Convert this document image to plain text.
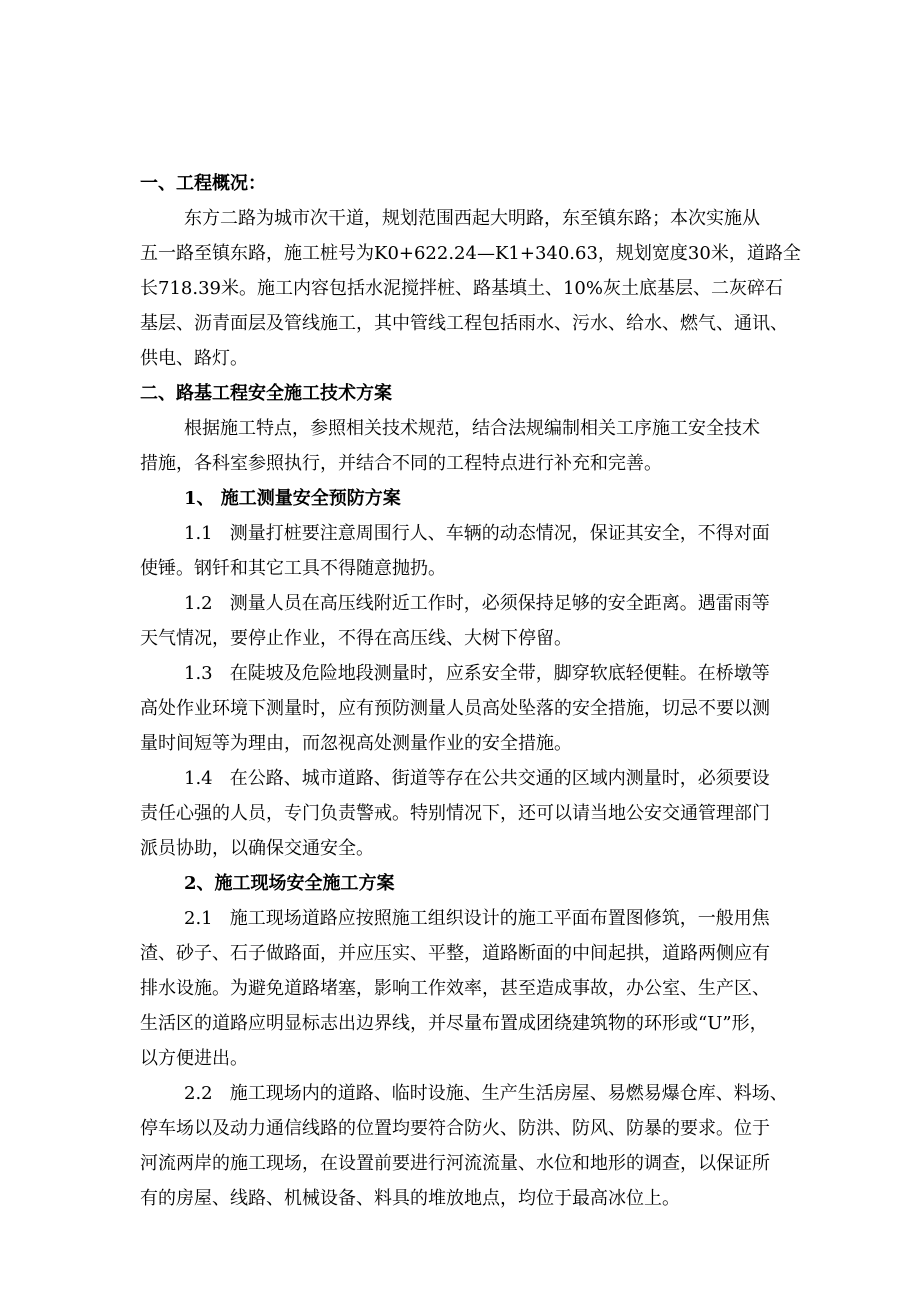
一、工程概况：
东方二路为城市次干道，规划范围西起大明路，东至镇东路；本次实施从
五一路至镇东路，施工桩号为K0+622.24—K1+340.63，规划宽度30米，道路全
长718.39米。施工内容包括水泥搅拌桩、路基填土、10%灰土底基层、二灰碎石
基层、沥青面层及管线施工，其中管线工程包括雨水、污水、给水、燃气、通讯、
供电、路灯。
二、路基工程安全施工技术方案
根据施工特点，参照相关技术规范，结合法规编制相关工序施工安全技术
措施，各科室参照执行，并结合不同的工程特点进行补充和完善。
1、 施工测量安全预防方案
1.1   测量打桩要注意周围行人、车辆的动态情况，保证其安全，不得对面
使锤。钢钎和其它工具不得随意抛扔。
1.2   测量人员在高压线附近工作时，必须保持足够的安全距离。遇雷雨等
天气情况，要停止作业，不得在高压线、大树下停留。
1.3   在陡坡及危险地段测量时，应系安全带，脚穿软底轻便鞋。在桥墩等
高处作业环境下测量时，应有预防测量人员高处坠落的安全措施，切忌不要以测
量时间短等为理由，而忽视高处测量作业的安全措施。
1.4   在公路、城市道路、街道等存在公共交通的区域内测量时，必须要设
责任心强的人员，专门负责警戒。特别情况下，还可以请当地公安交通管理部门
派员协助，以确保交通安全。
2、施工现场安全施工方案
2.1   施工现场道路应按照施工组织设计的施工平面布置图修筑，一般用焦
渣、砂子、石子做路面，并应压实、平整，道路断面的中间起拱，道路两侧应有
排水设施。为避免道路堵塞，影响工作效率，甚至造成事故，办公室、生产区、
生活区的道路应明显标志出边界线，并尽量布置成团绕建筑物的环形或“U”形，
以方便进出。
2.2   施工现场内的道路、临时设施、生产生活房屋、易燃易爆仓库、料场、
停车场以及动力通信线路的位置均要符合防火、防洪、防风、防暴的要求。位于
河流两岸的施工现场，在设置前要进行河流流量、水位和地形的调查，以保证所
有的房屋、线路、机械设备、料具的堆放地点，均位于最高冰位上。
